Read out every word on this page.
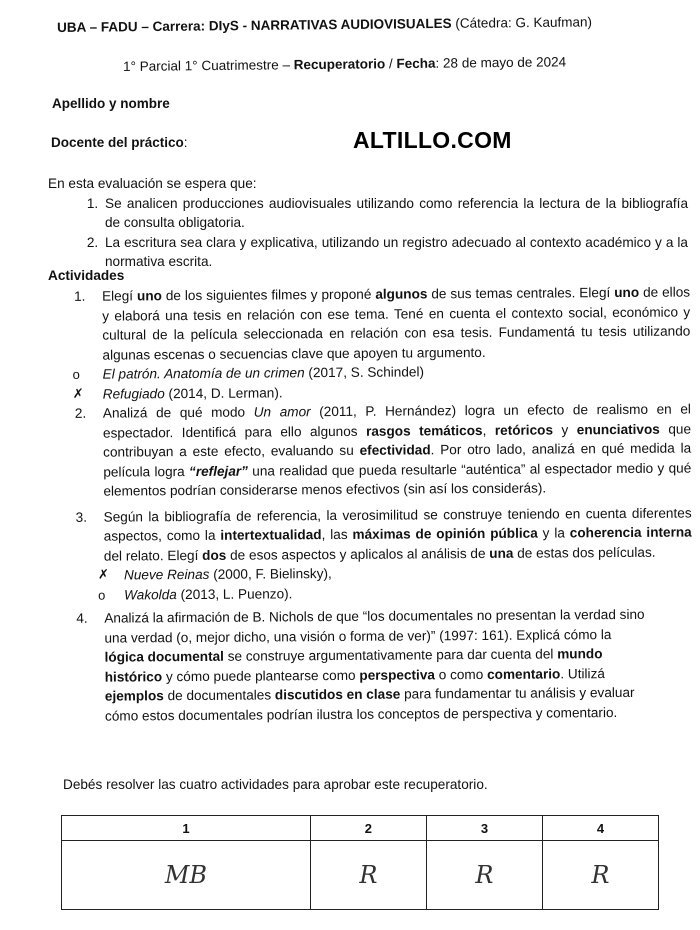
UBA – FADU – Carrera: DIyS - NARRATIVAS AUDIOVISUALES (Cátedra: G. Kaufman)
1° Parcial 1° Cuatrimestre – Recuperatorio / Fecha: 28 de mayo de 2024
Apellido y nombre
Docente del práctico:	ALTILLO.COM
En esta evaluación se espera que:
1. Se analicen producciones audiovisuales utilizando como referencia la lectura de la bibliografía de consulta obligatoria.
2. La escritura sea clara y explicativa, utilizando un registro adecuado al contexto académico y a la normativa escrita.
Actividades
1. Elegí uno de los siguientes filmes y proponé algunos de sus temas centrales. Elegí uno de ellos y elaborá una tesis en relación con ese tema. Tené en cuenta el contexto social, económico y cultural de la película seleccionada en relación con esa tesis. Fundamentá tu tesis utilizando algunas escenas o secuencias clave que apoyen tu argumento.
o El patrón. Anatomía de un crimen (2017, S. Schindel)
✗ Refugiado (2014, D. Lerman).
2. Analizá de qué modo Un amor (2011, P. Hernández) logra un efecto de realismo en el espectador. Identificá para ello algunos rasgos temáticos, retóricos y enunciativos que contribuyan a este efecto, evaluando su efectividad. Por otro lado, analizá en qué medida la película logra “reflejar” una realidad que pueda resultarle “auténtica” al espectador medio y qué elementos podrían considerarse menos efectivos (sin así los considerás).
3. Según la bibliografía de referencia, la verosimilitud se construye teniendo en cuenta diferentes aspectos, como la intertextualidad, las máximas de opinión pública y la coherencia interna del relato. Elegí dos de esos aspectos y aplicalos al análisis de una de estas dos películas.
✗ Nueve Reinas (2000, F. Bielinsky),
o Wakolda (2013, L. Puenzo).
4. Analizá la afirmación de B. Nichols de que “los documentales no presentan la verdad sino una verdad (o, mejor dicho, una visión o forma de ver)” (1997: 161). Explicá cómo la lógica documental se construye argumentativamente para dar cuenta del mundo histórico y cómo puede plantearse como perspectiva o como comentario. Utilizá ejemplos de documentales discutidos en clase para fundamentar tu análisis y evaluar cómo estos documentales podrían ilustra los conceptos de perspectiva y comentario.
Debés resolver las cuatro actividades para aprobar este recuperatorio.
1	2	3	4
MB	R	R	R
